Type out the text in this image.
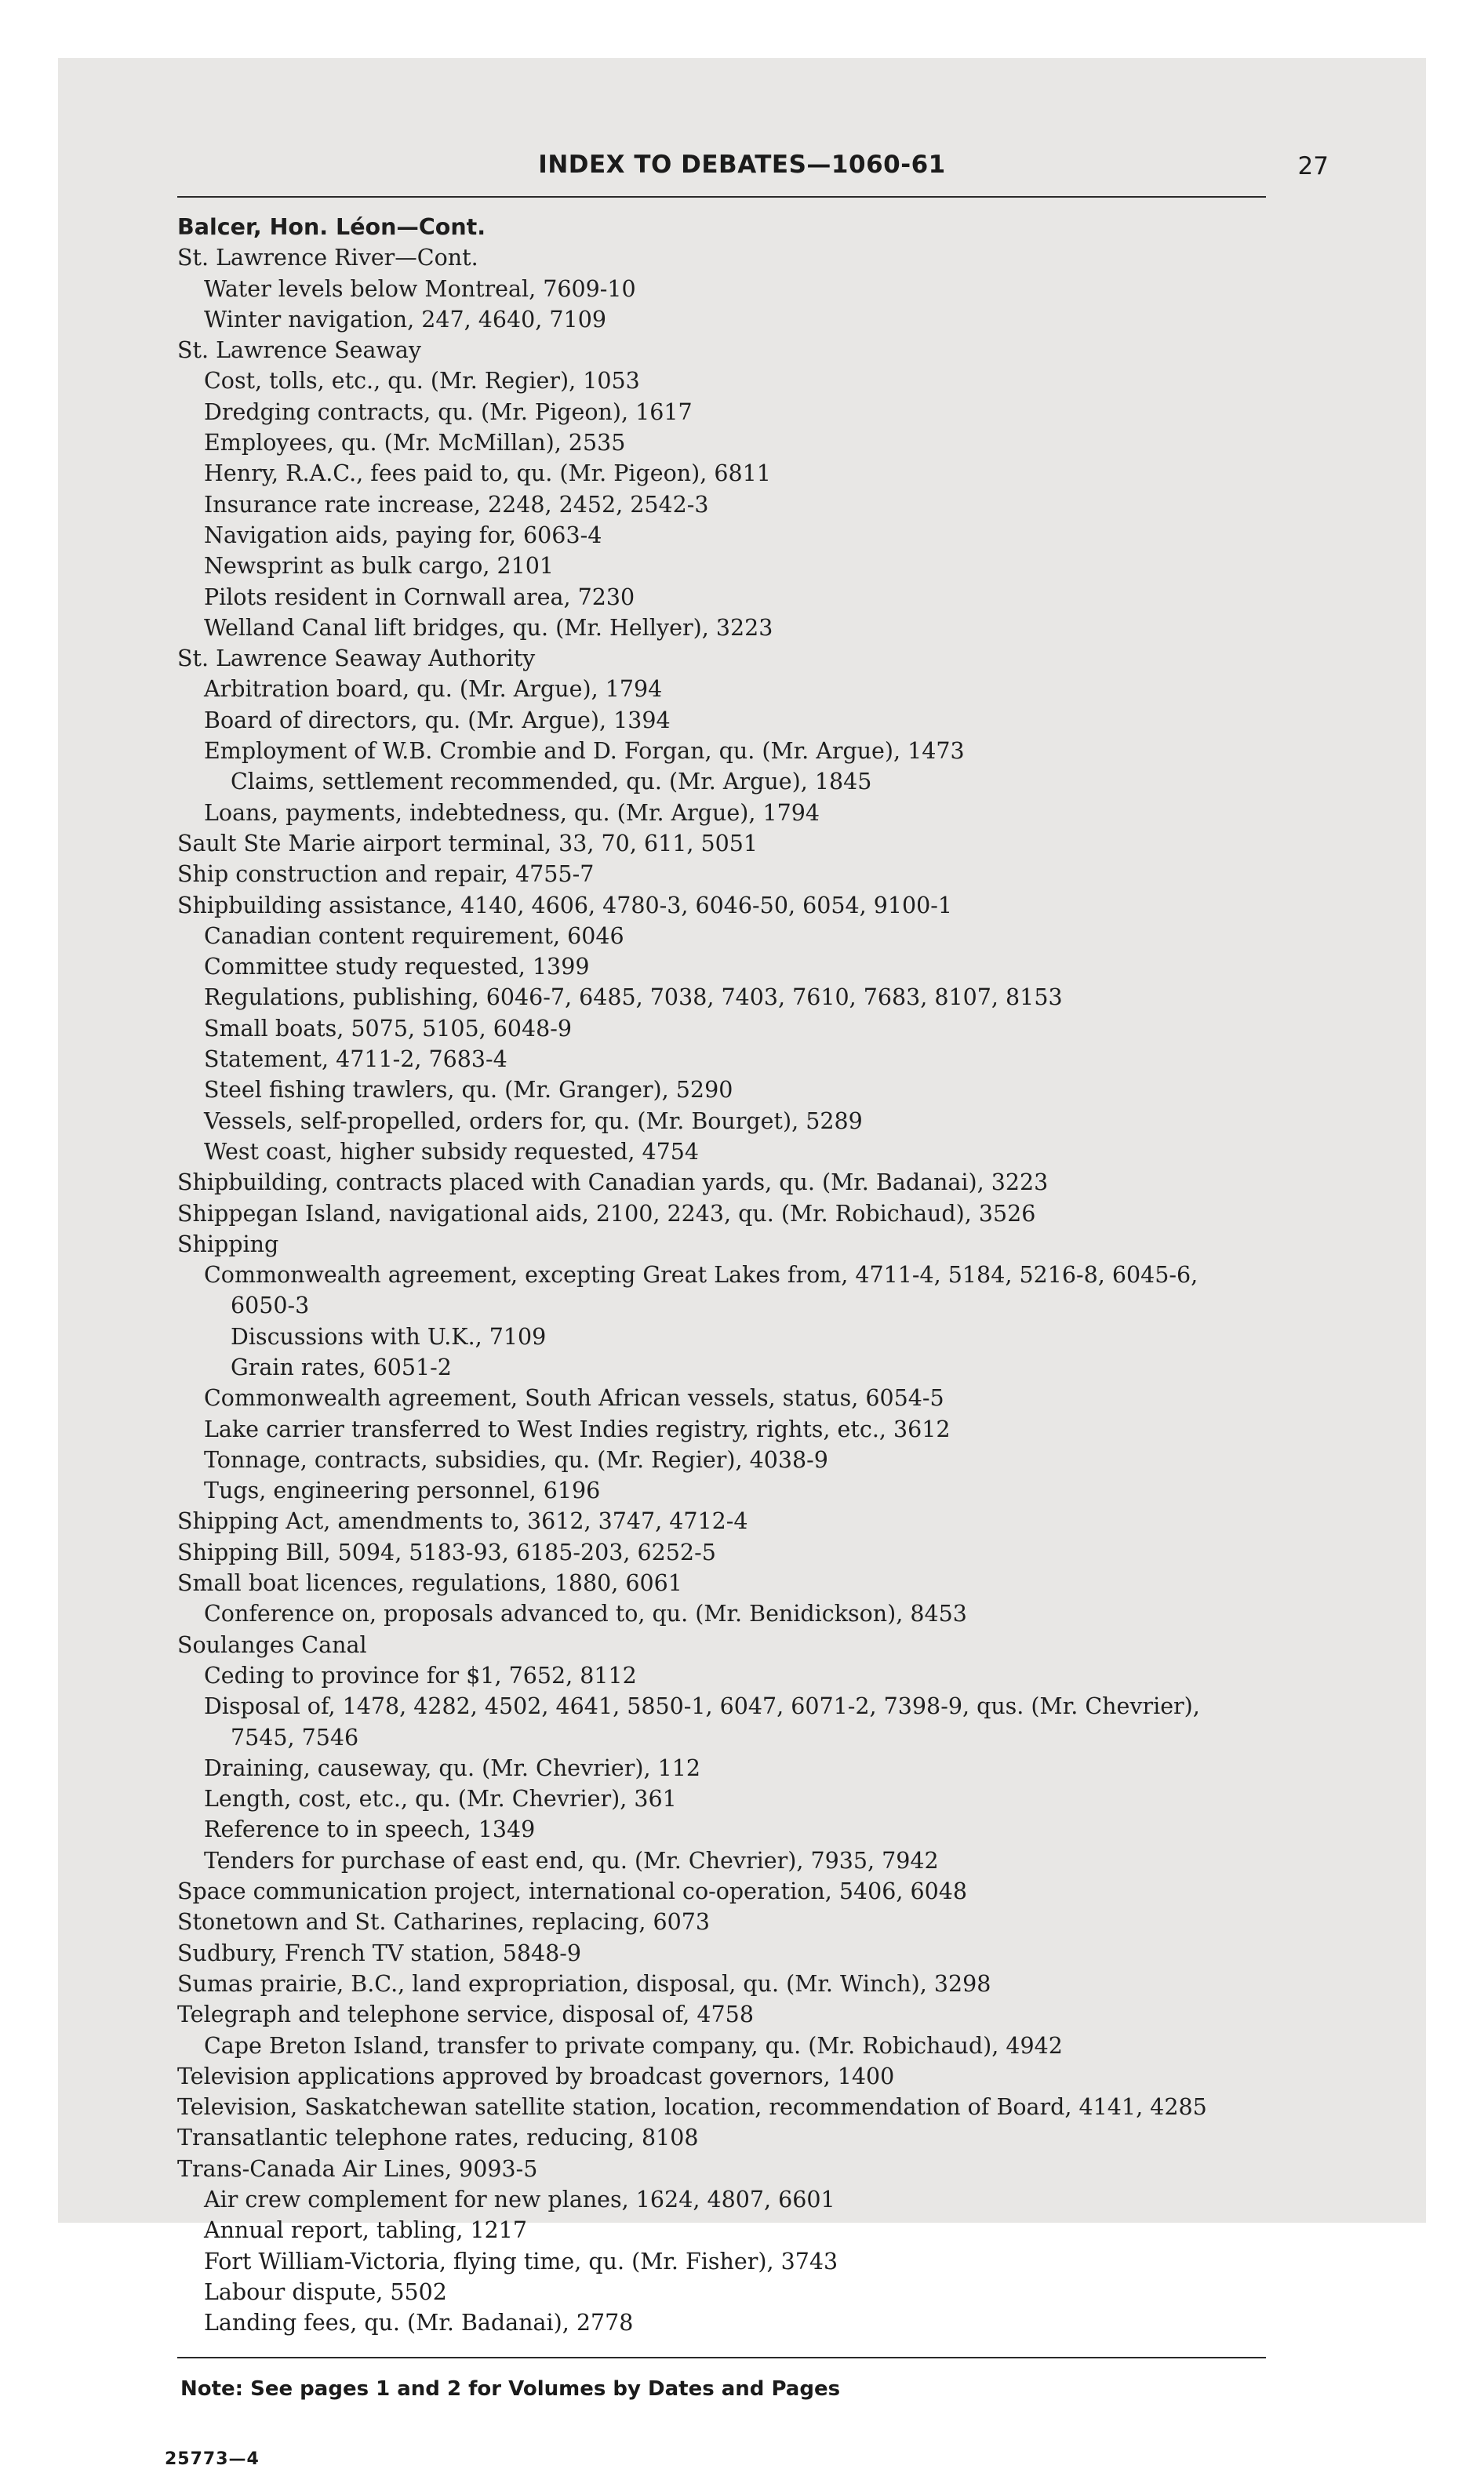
INDEX TO DEBATES—1060-61	27
Balcer, Hon. Léon—Cont.
St. Lawrence River—Cont.
Water levels below Montreal, 7609-10
Winter navigation, 247, 4640, 7109
St. Lawrence Seaway
Cost, tolls, etc., qu. (Mr. Regier), 1053
Dredging contracts, qu. (Mr. Pigeon), 1617
Employees, qu. (Mr. McMillan), 2535
Henry, R.A.C., fees paid to, qu. (Mr. Pigeon), 6811
Insurance rate increase, 2248, 2452, 2542-3
Navigation aids, paying for, 6063-4
Newsprint as bulk cargo, 2101
Pilots resident in Cornwall area, 7230
Welland Canal lift bridges, qu. (Mr. Hellyer), 3223
St. Lawrence Seaway Authority
Arbitration board, qu. (Mr. Argue), 1794
Board of directors, qu. (Mr. Argue), 1394
Employment of W.B. Crombie and D. Forgan, qu. (Mr. Argue), 1473
Claims, settlement recommended, qu. (Mr. Argue), 1845
Loans, payments, indebtedness, qu. (Mr. Argue), 1794
Sault Ste Marie airport terminal, 33, 70, 611, 5051
Ship construction and repair, 4755-7
Shipbuilding assistance, 4140, 4606, 4780-3, 6046-50, 6054, 9100-1
Canadian content requirement, 6046
Committee study requested, 1399
Regulations, publishing, 6046-7, 6485, 7038, 7403, 7610, 7683, 8107, 8153
Small boats, 5075, 5105, 6048-9
Statement, 4711-2, 7683-4
Steel fishing trawlers, qu. (Mr. Granger), 5290
Vessels, self-propelled, orders for, qu. (Mr. Bourget), 5289
West coast, higher subsidy requested, 4754
Shipbuilding, contracts placed with Canadian yards, qu. (Mr. Badanai), 3223
Shippegan Island, navigational aids, 2100, 2243, qu. (Mr. Robichaud), 3526
Shipping
Commonwealth agreement, excepting Great Lakes from, 4711-4, 5184, 5216-8, 6045-6,
6050-3
Discussions with U.K., 7109
Grain rates, 6051-2
Commonwealth agreement, South African vessels, status, 6054-5
Lake carrier transferred to West Indies registry, rights, etc., 3612
Tonnage, contracts, subsidies, qu. (Mr. Regier), 4038-9
Tugs, engineering personnel, 6196
Shipping Act, amendments to, 3612, 3747, 4712-4
Shipping Bill, 5094, 5183-93, 6185-203, 6252-5
Small boat licences, regulations, 1880, 6061
Conference on, proposals advanced to, qu. (Mr. Benidickson), 8453
Soulanges Canal
Ceding to province for $1, 7652, 8112
Disposal of, 1478, 4282, 4502, 4641, 5850-1, 6047, 6071-2, 7398-9, qus. (Mr. Chevrier),
7545, 7546
Draining, causeway, qu. (Mr. Chevrier), 112
Length, cost, etc., qu. (Mr. Chevrier), 361
Reference to in speech, 1349
Tenders for purchase of east end, qu. (Mr. Chevrier), 7935, 7942
Space communication project, international co-operation, 5406, 6048
Stonetown and St. Catharines, replacing, 6073
Sudbury, French TV station, 5848-9
Sumas prairie, B.C., land expropriation, disposal, qu. (Mr. Winch), 3298
Telegraph and telephone service, disposal of, 4758
Cape Breton Island, transfer to private company, qu. (Mr. Robichaud), 4942
Television applications approved by broadcast governors, 1400
Television, Saskatchewan satellite station, location, recommendation of Board, 4141, 4285
Transatlantic telephone rates, reducing, 8108
Trans-Canada Air Lines, 9093-5
Air crew complement for new planes, 1624, 4807, 6601
Annual report, tabling, 1217
Fort William-Victoria, flying time, qu. (Mr. Fisher), 3743
Labour dispute, 5502
Landing fees, qu. (Mr. Badanai), 2778
Note: See pages 1 and 2 for Volumes by Dates and Pages
25773—4
